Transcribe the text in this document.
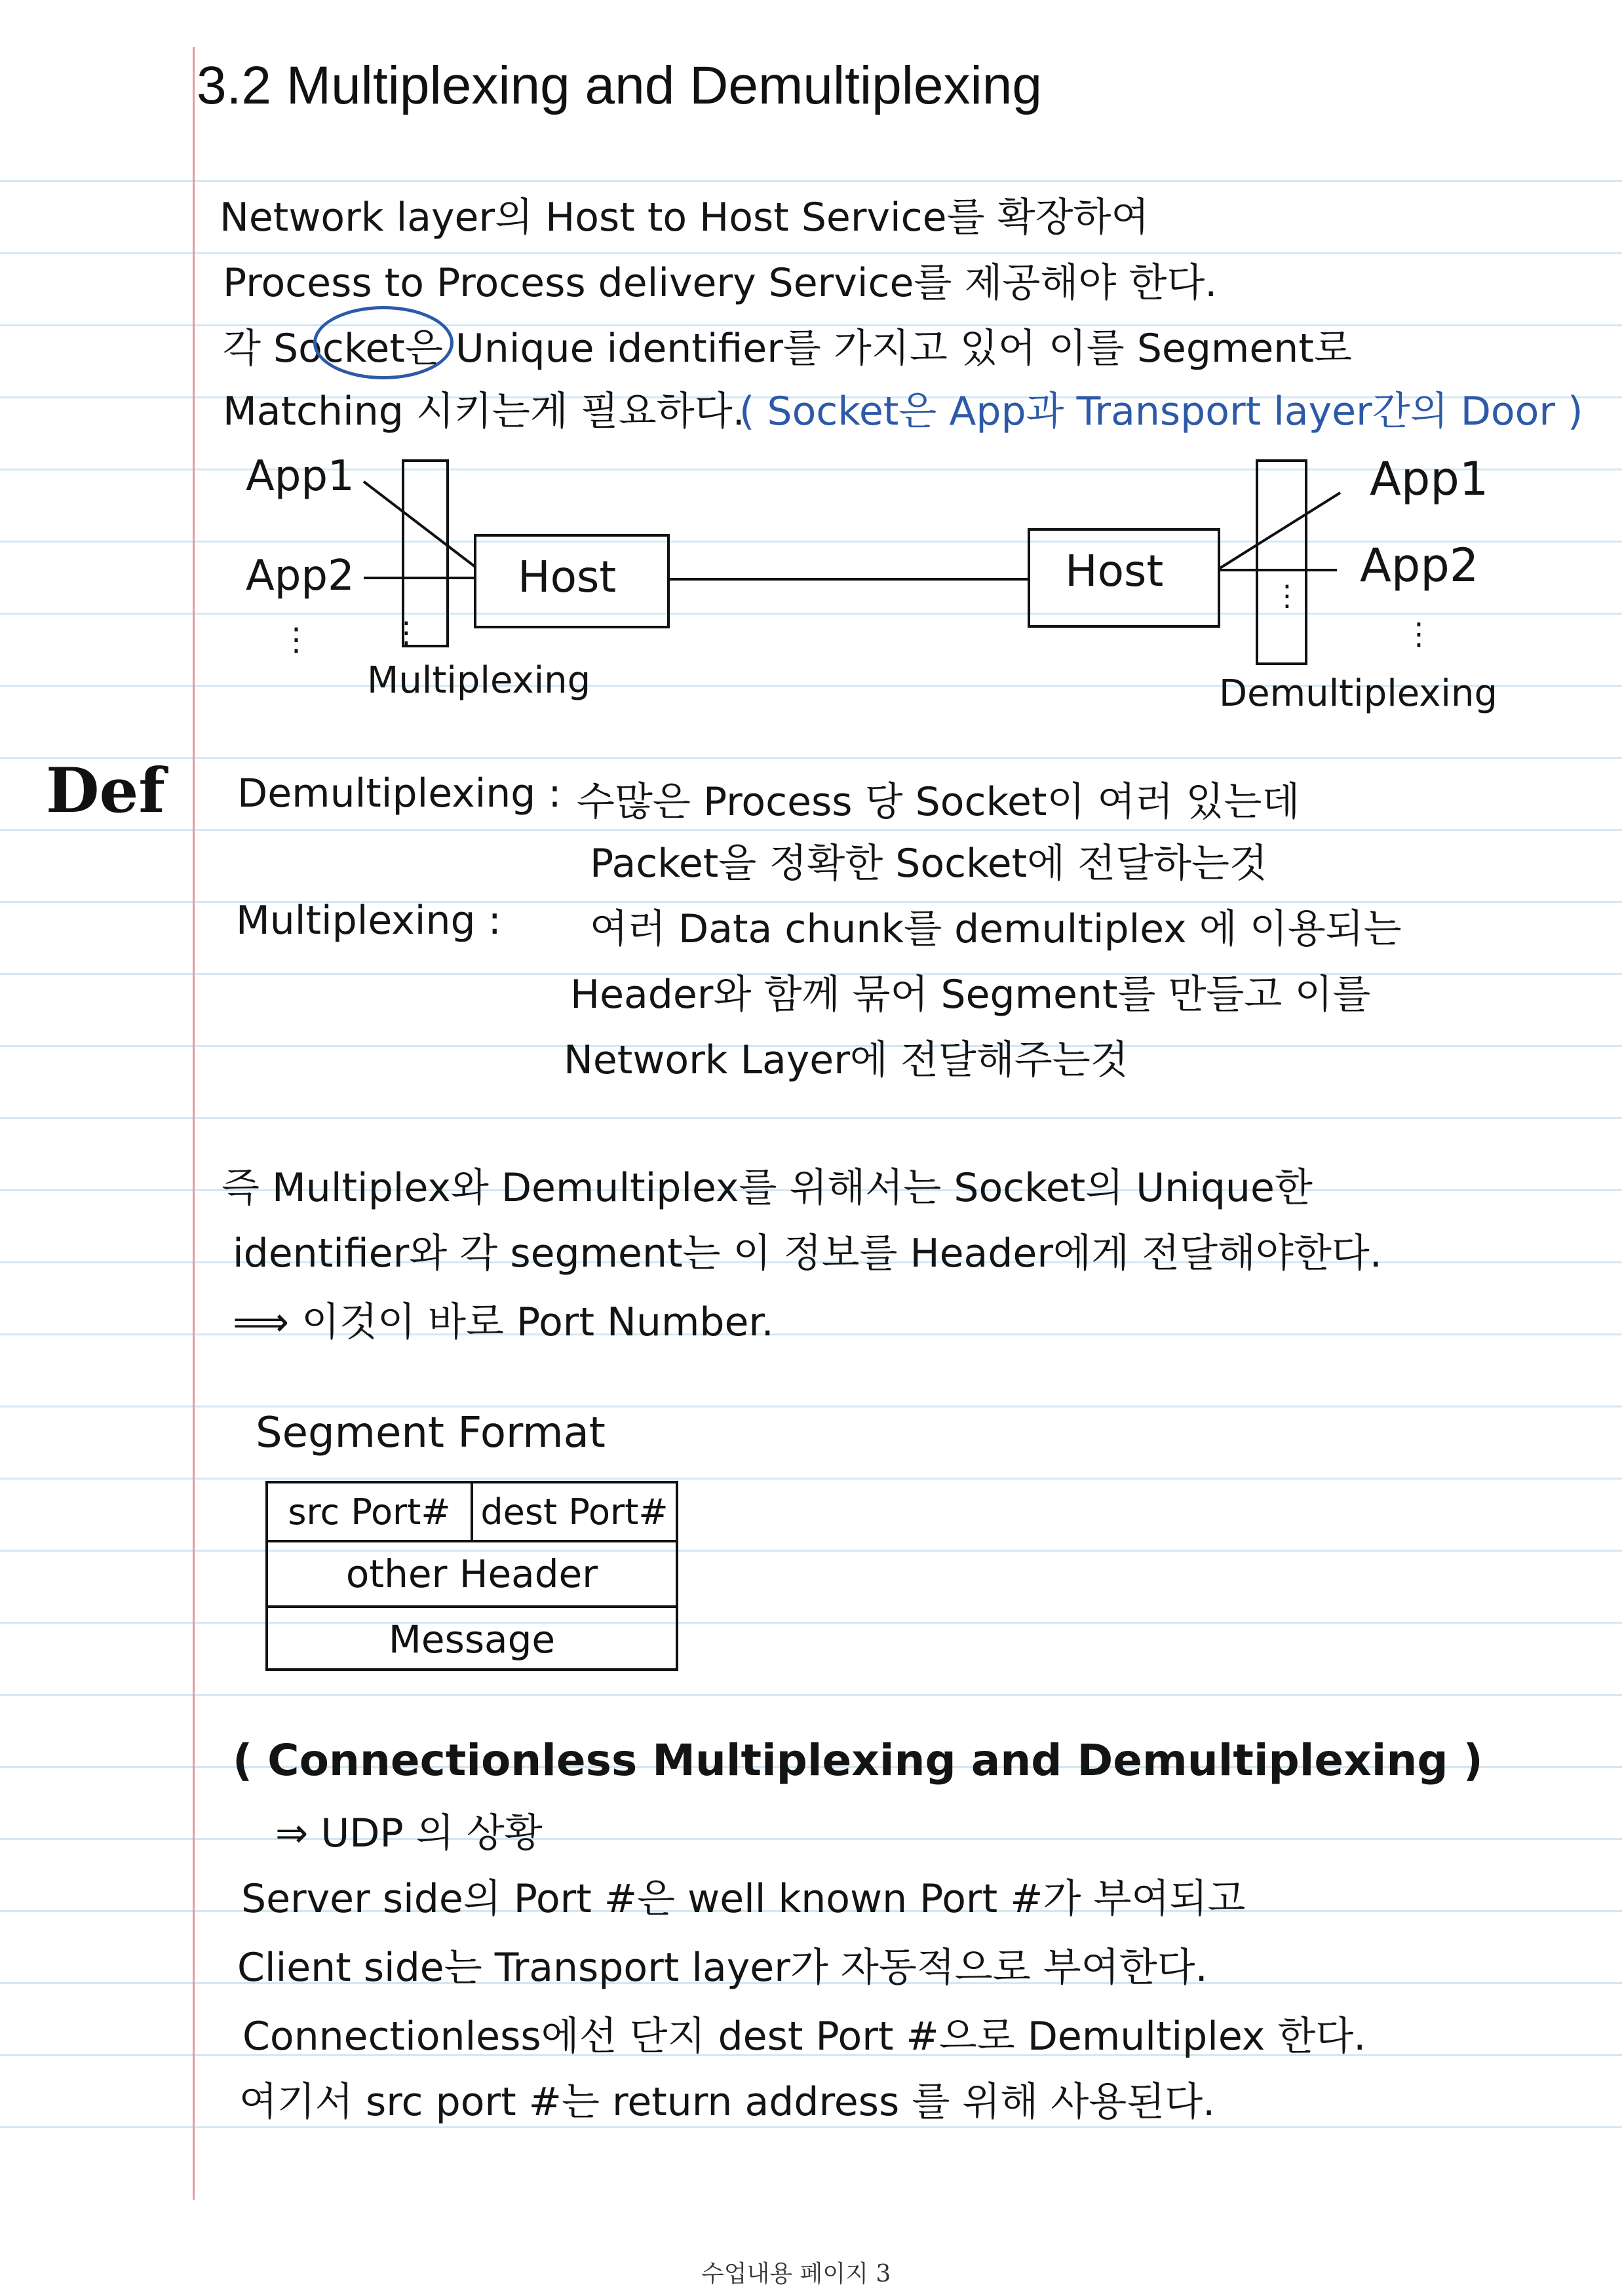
3.2 Multiplexing and Demultiplexing
Network layer의 Host to Host Service를 확장하여
Process to Process delivery Service를 제공해야 한다.
각 Socket은 Unique identifier를 가지고 있어 이를 Segment로
Matching 시키는게 필요하다.
( Socket은 App과 Transport layer간의 Door )
App1
App2
⋮	⋮
Host
Multiplexing
Host	⋮
App1
App2
⋮
Demultiplexing
Def Demultiplexing : 수많은 Process 당 Socket이 여러 있는데
Packet을 정확한 Socket에 전달하는것
Multiplexing : 여러 Data chunk를 demultiplex 에 이용되는
Header와 함께 묶어 Segment를 만들고 이를
Network Layer에 전달해주는것
즉 Multiplex와 Demultiplex를 위해서는 Socket의 Unique한
identifier와 각 segment는 이 정보를 Header에게 전달해야한다.
⟹ 이것이 바로 Port Number.
Segment Format
src Port# dest Port#
other Header
Message
( Connectionless Multiplexing and Demultiplexing )
⇒ UDP 의 상황
Server side의 Port #은 well known Port #가 부여되고
Client side는 Transport layer가 자동적으로 부여한다.
Connectionless에선 단지 dest Port #으로 Demultiplex 한다.
여기서 src port #는 return address 를 위해 사용된다.
수업내용 페이지 3
